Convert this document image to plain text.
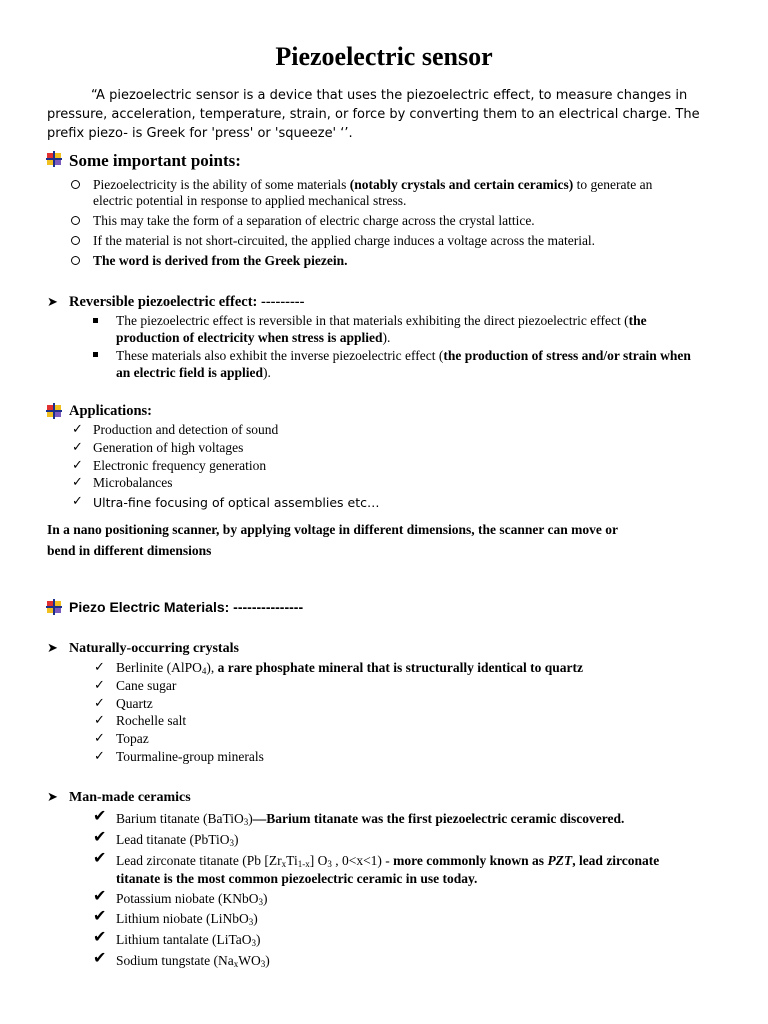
Piezoelectric sensor

“A piezoelectric sensor is a device that uses the piezoelectric effect, to measure changes in pressure, acceleration, temperature, strain, or force by converting them to an electrical charge. The prefix piezo- is Greek for 'press' or 'squeeze' ‘’.

Some important points:
Piezoelectricity is the ability of some materials (notably crystals and certain ceramics) to generate an
electric potential in response to applied mechanical stress.
This may take the form of a separation of electric charge across the crystal lattice.
If the material is not short-circuited, the applied charge induces a voltage across the material.
The word is derived from the Greek piezein.
➤ Reversible piezoelectric effect: ---------
The piezoelectric effect is reversible in that materials exhibiting the direct piezoelectric effect (the
production of electricity when stress is applied).
These materials also exhibit the inverse piezoelectric effect (the production of stress and/or strain when
an electric field is applied).
Applications:
✓ Production and detection of sound
✓ Generation of high voltages
✓ Electronic frequency generation
✓ Microbalances
✓ Ultra-fine focusing of optical assemblies etc…
In a nano positioning scanner, by applying voltage in different dimensions, the scanner can move or
bend in different dimensions
Piezo Electric Materials: ---------------
➤ Naturally-occurring crystals
✓ Berlinite (AlPO$_4$), a rare phosphate mineral that is structurally identical to quartz
✓ Cane sugar
✓ Quartz
✓ Rochelle salt
✓ Topaz
✓ Tourmaline-group minerals
➤ Man-made ceramics
✔ Barium titanate (BaTiO$_3$)—Barium titanate was the first piezoelectric ceramic discovered.
✔ Lead titanate (PbTiO$_3$)
✔ Lead zirconate titanate (Pb $[Zr_xTi_{1-x}]$ $O_3$ , 0<x<1) - more commonly known as PZT, lead zirconate
titanate is the most common piezoelectric ceramic in use today.
✔ Potassium niobate (KNbO$_3$)
✔ Lithium niobate (LiNbO$_3$)
✔ Lithium tantalate (LiTaO$_3$)
✔ Sodium tungstate $(Na_xWO_3)$
